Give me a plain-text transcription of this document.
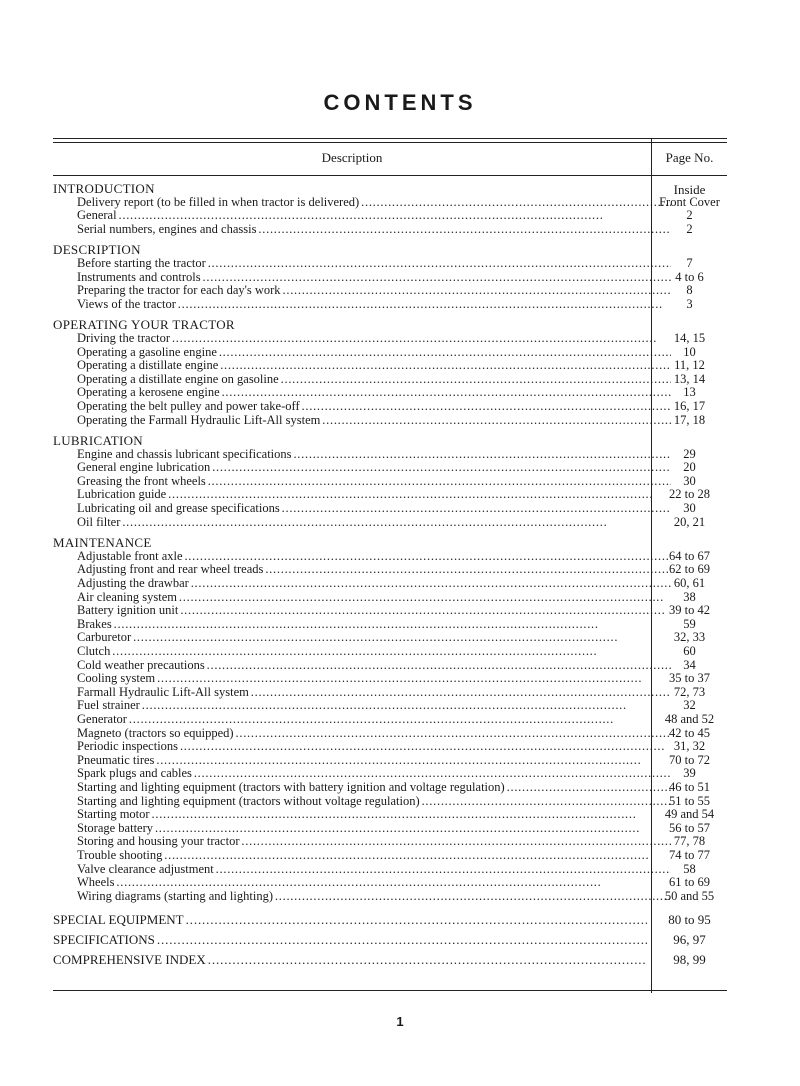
CONTENTS
Description	Page No.
INTRODUCTION	Inside
Delivery report (to be filled in when tractor is delivered) . . .	Front Cover
General . . .	2
Serial numbers, engines and chassis . . .	2
DESCRIPTION
Before starting the tractor . . .	7
Instruments and controls . . .	4 to 6
Preparing the tractor for each day's work . . .	8
Views of the tractor . . .	3
OPERATING YOUR TRACTOR
Driving the tractor . . .	14, 15
Operating a gasoline engine . . .	10
Operating a distillate engine . . .	11, 12
Operating a distillate engine on gasoline . . .	13, 14
Operating a kerosene engine . . .	13
Operating the belt pulley and power take-off . . .	16, 17
Operating the Farmall Hydraulic Lift-All system . . .	17, 18
LUBRICATION
Engine and chassis lubricant specifications . . .	29
General engine lubrication . . .	20
Greasing the front wheels . . .	30
Lubrication guide . . .	22 to 28
Lubricating oil and grease specifications . . .	30
Oil filter . . .	20, 21
MAINTENANCE
Adjustable front axle . . .	64 to 67
Adjusting front and rear wheel treads . . .	62 to 69
Adjusting the drawbar . . .	60, 61
Air cleaning system . . .	38
Battery ignition unit . . .	39 to 42
Brakes . . .	59
Carburetor . . .	32, 33
Clutch . . .	60
Cold weather precautions . . .	34
Cooling system . . .	35 to 37
Farmall Hydraulic Lift-All system . . .	72, 73
Fuel strainer . . .	32
Generator . . .	48 and 52
Magneto (tractors so equipped) . . .	42 to 45
Periodic inspections . . .	31, 32
Pneumatic tires . . .	70 to 72
Spark plugs and cables . . .	39
Starting and lighting equipment (tractors with battery ignition and voltage regulation) . . .	46 to 51
Starting and lighting equipment (tractors without voltage regulation) . . .	51 to 55
Starting motor . . .	49 and 54
Storage battery . . .	56 to 57
Storing and housing your tractor . . .	77, 78
Trouble shooting . . .	74 to 77
Valve clearance adjustment . . .	58
Wheels . . .	61 to 69
Wiring diagrams (starting and lighting) . . .	50 and 55
SPECIAL EQUIPMENT . . .	80 to 95
SPECIFICATIONS . . .	96, 97
COMPREHENSIVE INDEX . . .	98, 99
1
